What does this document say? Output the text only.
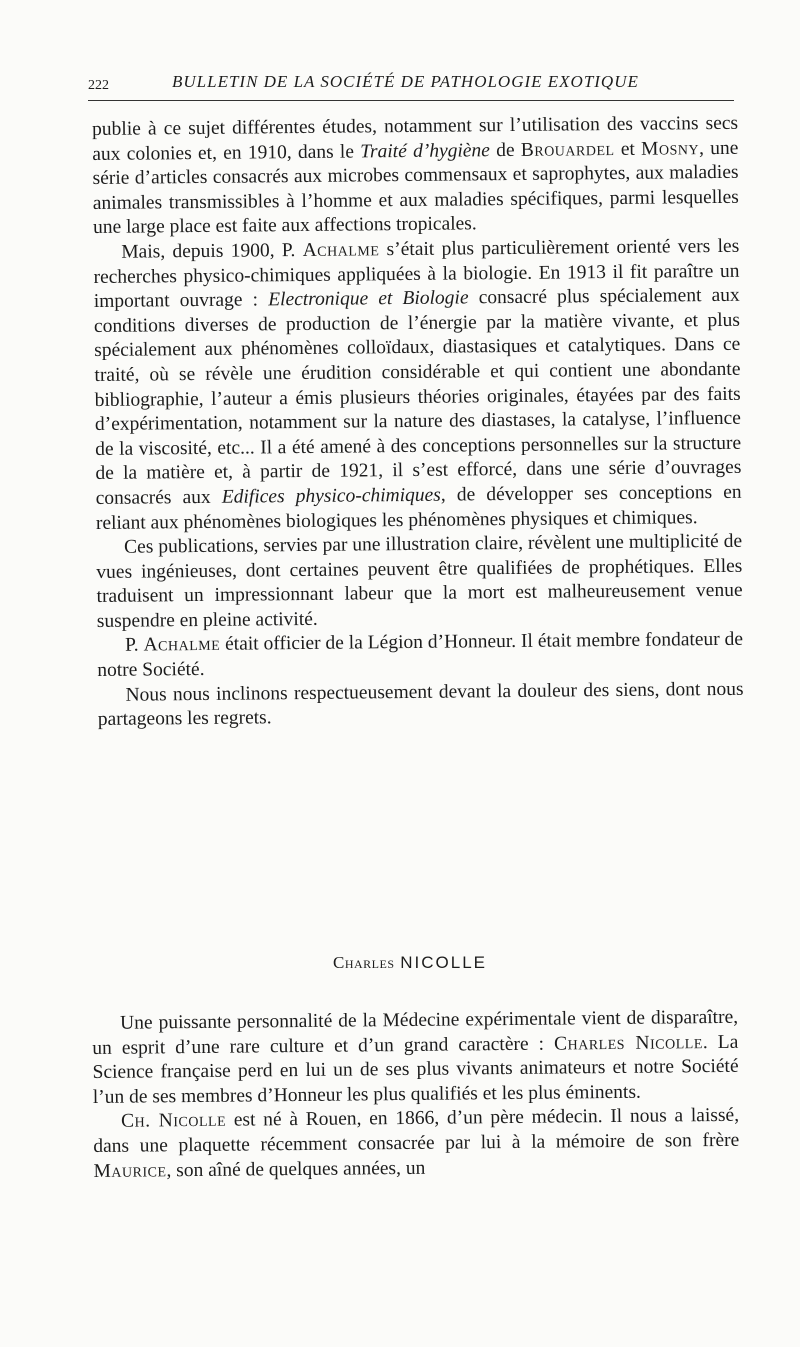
222	BULLETIN DE LA SOCIÉTÉ DE PATHOLOGIE EXOTIQUE

publie à ce sujet différentes études, notamment sur l’utilisation des vaccins secs aux colonies et, en 1910, dans le Traité d’hygiène de Brouardel et Mosny, une série d’articles consacrés aux microbes commensaux et saprophytes, aux maladies animales transmissibles à l’homme et aux maladies spécifiques, parmi lesquelles une large place est faite aux affections tropicales.

Mais, depuis 1900, P. Achalme s’était plus particulièrement orienté vers les recherches physico-chimiques appliquées à la biologie. En 1913 il fit paraître un important ouvrage : Electronique et Biologie consacré plus spécialement aux conditions diverses de production de l’énergie par la matière vivante, et plus spécialement aux phénomènes colloïdaux, diastasiques et catalytiques. Dans ce traité, où se révèle une érudition considérable et qui contient une abondante bibliographie, l’auteur a émis plusieurs théories originales, étayées par des faits d’expérimentation, notamment sur la nature des diastases, la catalyse, l’influence de la viscosité, etc... Il a été amené à des conceptions personnelles sur la structure de la matière et, à partir de 1921, il s’est efforcé, dans une série d’ouvrages consacrés aux Edifices physico-chimiques, de développer ses conceptions en reliant aux phénomènes biologiques les phénomènes physiques et chimiques.

Ces publications, servies par une illustration claire, révèlent une multiplicité de vues ingénieuses, dont certaines peuvent être qualifiées de prophétiques. Elles traduisent un impressionnant labeur que la mort est malheureusement venue suspendre en pleine activité.

P. Achalme était officier de la Légion d’Honneur. Il était membre fondateur de notre Société.

Nous nous inclinons respectueusement devant la douleur des siens, dont nous partageons les regrets.

Charles NICOLLE

Une puissante personnalité de la Médecine expérimentale vient de disparaître, un esprit d’une rare culture et d’un grand caractère : Charles Nicolle. La Science française perd en lui un de ses plus vivants animateurs et notre Société l’un de ses membres d’Honneur les plus qualifiés et les plus éminents.

Ch. Nicolle est né à Rouen, en 1866, d’un père médecin. Il nous a laissé, dans une plaquette récemment consacrée par lui à la mémoire de son frère Maurice, son aîné de quelques années, un
